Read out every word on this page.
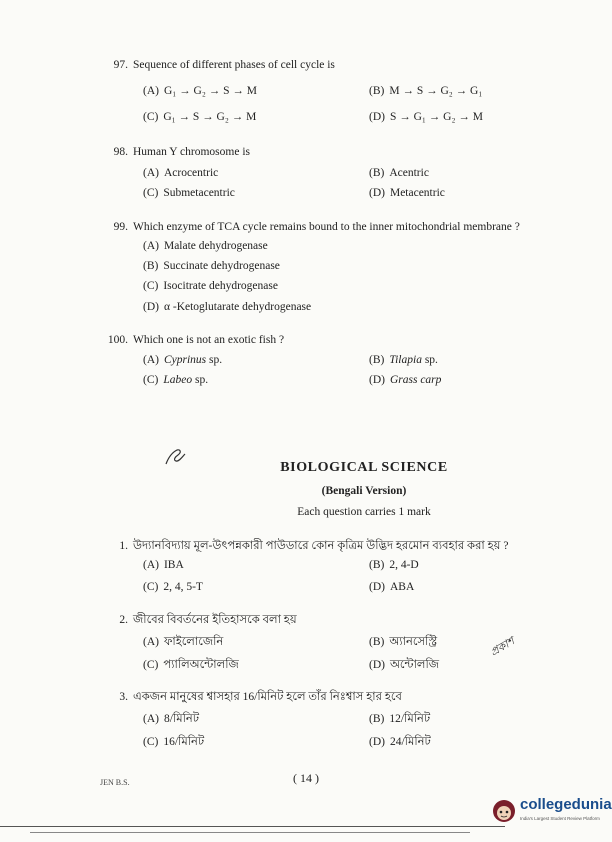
97. Sequence of different phases of cell cycle is
(A) G₁ → G₂ → S → M	(B) M → S → G₂ → G₁
(C) G₁ → S → G₂ → M	(D) S → G₁ → G₂ → M
98. Human Y chromosome is
(A) Acrocentric	(B) Acentric
(C) Submetacentric	(D) Metacentric
99. Which enzyme of TCA cycle remains bound to the inner mitochondrial membrane ?
(A) Malate dehydrogenase
(B) Succinate dehydrogenase
(C) Isocitrate dehydrogenase
(D) α -Ketoglutarate dehydrogenase
100. Which one is not an exotic fish ?
(A) Cyprinus sp.	(B) Tilapia sp.
(C) Labeo sp.	(D) Grass carp
BIOLOGICAL SCIENCE
(Bengali Version)
Each question carries 1 mark
1. উদ্যানবিদ্যায় মূল-উৎপন্নকারী পাউডারে কোন কৃত্রিম উদ্ভিদ হরমোন ব্যবহার করা হয় ?
(A) IBA	(B) 2, 4-D
(C) 2, 4, 5-T	(D) ABA
2. জীবের বিবর্তনের ইতিহাসকে বলা হয়
(A) ফাইলোজেনি	(B) অ্যানসেস্ট্রি
(C) প্যালিঅন্টোলজি	(D) অন্টোলজি
প্রকাশ
3. একজন মানুষের শ্বাসহার 16/মিনিট হলে তাঁর নিঃশ্বাস হার হবে
(A) 8/মিনিট	(B) 12/মিনিট
(C) 16/মিনিট	(D) 24/মিনিট
JEN B.S.	( 14 )
collegedunia
India's Largest Student Review Platform
